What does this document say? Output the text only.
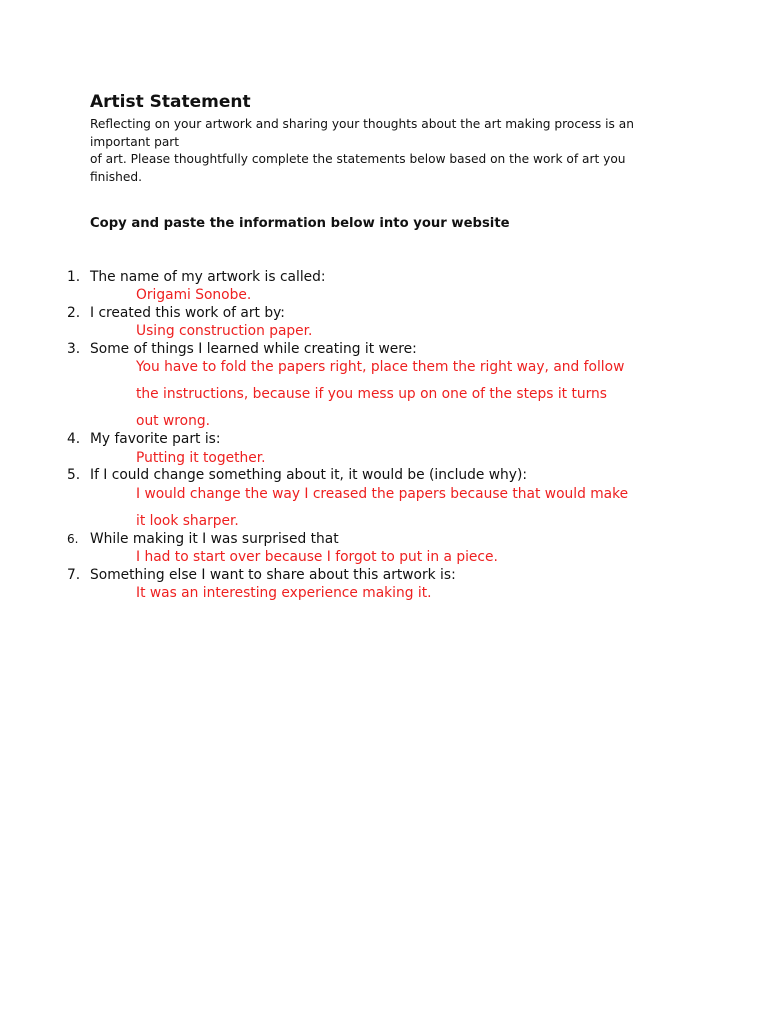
Artist Statement

Reflecting on your artwork and sharing your thoughts about the art making process is an important part
of art. Please thoughtfully complete the statements below based on the work of art you finished.

Copy and paste the information below into your website
1. The name of my artwork is called:
Origami Sonobe.
2. I created this work of art by:
Using construction paper.
3. Some of things I learned while creating it were:
You have to fold the papers right, place them the right way, and follow
the instructions, because if you mess up on one of the steps it turns
out wrong.
4. My favorite part is:
Putting it together.
5. If I could change something about it, it would be (include why):
I would change the way I creased the papers because that would make
it look sharper.
6. While making it I was surprised that
I had to start over because I forgot to put in a piece.
7. Something else I want to share about this artwork is:
It was an interesting experience making it.
